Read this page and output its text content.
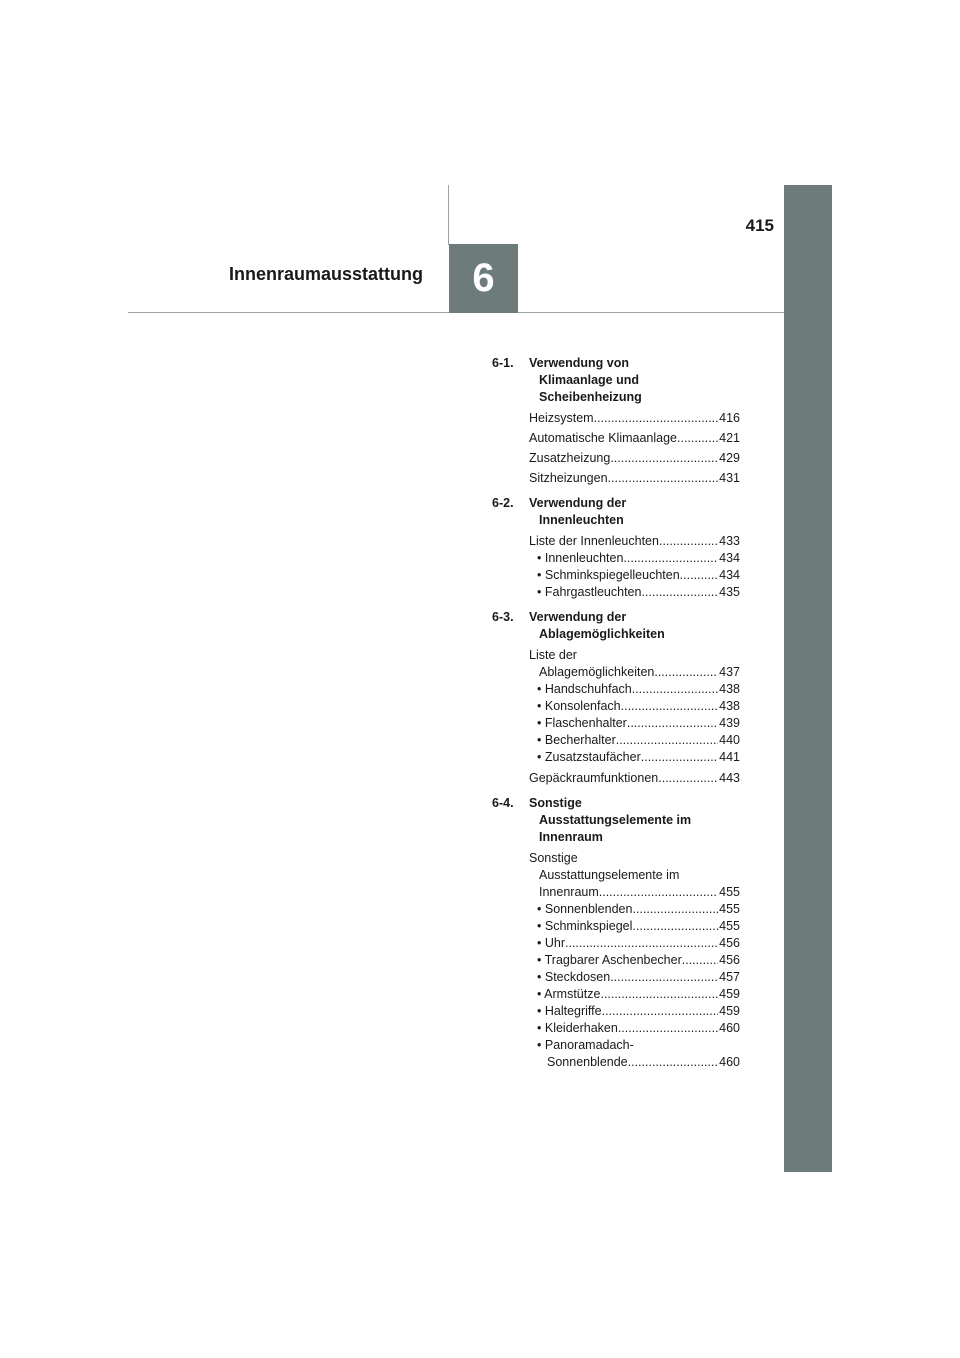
6
415
Innenraumausstattung
6-1.	Verwendung von
Klimaanlage und
Scheibenheizung
Heizsystem .....	416
Automatische Klimaanlage .....	421
Zusatzheizung .....	429
Sitzheizungen .....	431
6-2.	Verwendung der
Innenleuchten
Liste der Innenleuchten .....	433
• Innenleuchten .....	434
• Schminkspiegelleuchten .....	434
• Fahrgastleuchten .....	435
6-3.	Verwendung der
Ablagemöglichkeiten
Liste der
Ablagemöglichkeiten .....	437
• Handschuhfach .....	438
• Konsolenfach .....	438
• Flaschenhalter .....	439
• Becherhalter .....	440
• Zusatzstaufächer .....	441
Gepäckraumfunktionen .....	443
6-4.	Sonstige
Ausstattungselemente im
Innenraum
Sonstige
Ausstattungselemente im
Innenraum .....	455
• Sonnenblenden .....	455
• Schminkspiegel .....	455
• Uhr .....	456
• Tragbarer Aschenbecher .....	456
• Steckdosen .....	457
• Armstütze .....	459
• Haltegriffe .....	459
• Kleiderhaken .....	460
• Panoramadach-
Sonnenblende .....	460
